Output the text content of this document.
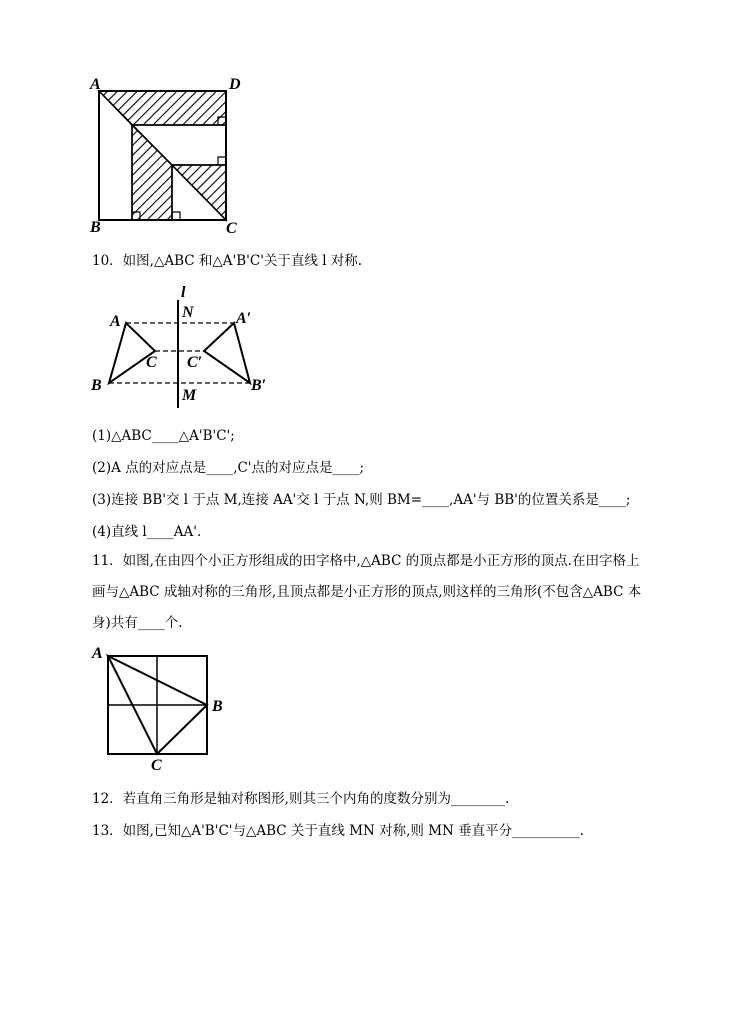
A	D
B	C
10．如图,△ABC 和△A'B'C'关于直线 l 对称.
l
N
M
A	A′
C C′
B	B′
(1)△ABC____△A'B'C';
(2)A 点的对应点是____,C'点的对应点是____;
(3)连接 BB'交 l 于点 M,连接 AA'交 l 于点 N,则 BM=____,AA'与 BB'的位置关系是____;
(4)直线 l____AA'.
11．如图,在由四个小正方形组成的田字格中,△ABC 的顶点都是小正方形的顶点.在田字格上
画与△ABC 成轴对称的三角形,且顶点都是小正方形的顶点,则这样的三角形(不包含△ABC 本
身)共有____个.
A
B
C
12．若直角三角形是轴对称图形,则其三个内角的度数分别为________.
13．如图,已知△A'B'C'与△ABC 关于直线 MN 对称,则 MN 垂直平分__________.
